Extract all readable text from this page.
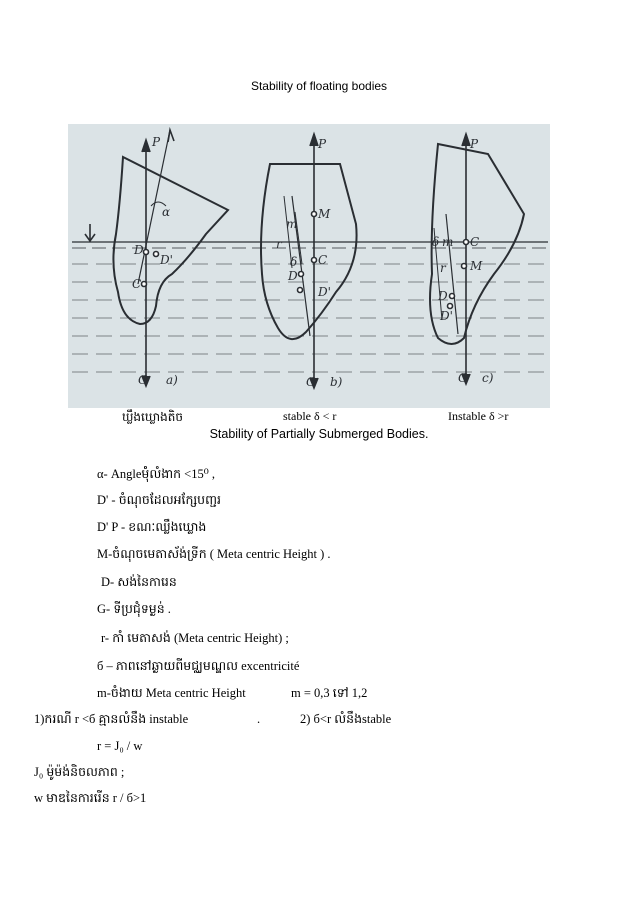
Stability of floating bodies
P
α
D
D'
C
G a)
P
M
m
r
δ C
D
D'
G b)
P
δ m C
r M
D
D'
G c)
ឃ្លឹងឃ្លោងតិច	stable δ < r	Instable δ >r
Stability of Partially Submerged Bodies.
α- Angleម៉ុំលំងាក <15⁰ ,
D' - ចំណុចដែលអក្សែបញ្ជរ
D' P - ខណៈឈ្លឹងឃ្លោង
M-ចំណុចមេតាស័ង់ទ្រីក ( Meta centric Height ) .
D- សង់នៃការេន
G- ទីប្រជុំទម្ងន់ .
r- កាំ មេតាសង់ (Meta centric Height) ;
б – ភាពនៅឆ្ងាយពីមជ្ឈមណ្ឌល excentricité
m-ចំងាយ Meta centric Height	m = 0,3 ទៅ 1,2
1)ករណី r <б គ្មានលំនឹង instable	.	2) б<r លំនឹងstable
r = J₀ / w
J₀ ម៉ូម៉ង់និចលភាព ;
w មាឌនៃការរើន r / б>1
